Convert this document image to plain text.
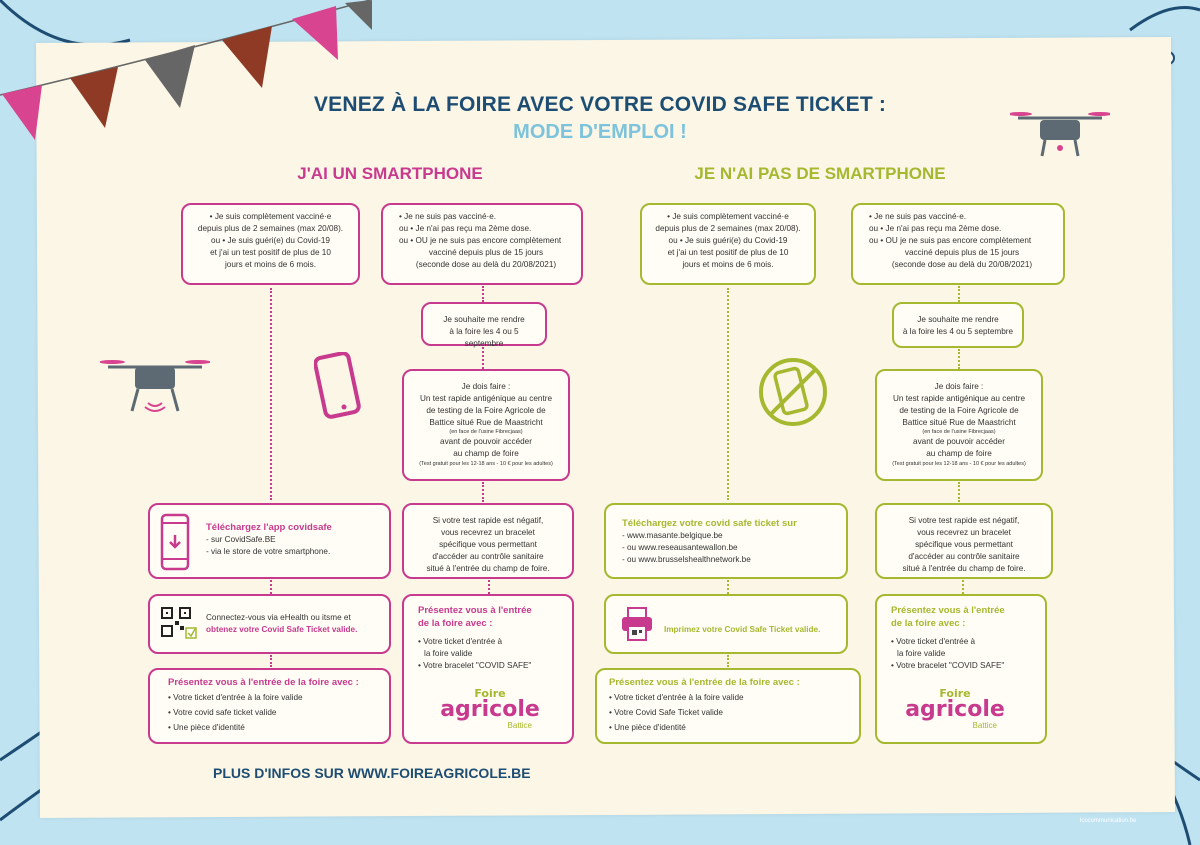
VENEZ À LA FOIRE AVEC VOTRE COVID SAFE TICKET :
MODE D'EMPLOI !
J'AI UN SMARTPHONE	JE N'AI PAS DE SMARTPHONE
• Je suis complètement vacciné·e
depuis plus de 2 semaines (max 20/08).
ou • Je suis guéri(e) du Covid-19
et j'ai un test positif de plus de 10
jours et moins de 6 mois.
• Je ne suis pas vacciné·e.
ou • Je n'ai pas reçu ma 2ème dose.
ou • OU je ne suis pas encore complètement
vacciné depuis plus de 15 jours
(seconde dose au delà du 20/08/2021)
Je souhaite me rendre
à la foire les 4 ou 5 septembre
Je dois faire :
Un test rapide antigénique au centre
de testing de la Foire Agricole de
Battice situé Rue de Maastricht
(en face de l'usine Fibrecjaas)
avant de pouvoir accéder
au champ de foire
(Test gratuit pour les 12-18 ans - 10 € pour les adultes)
Téléchargez l'app covidsafe
- sur CovidSafe.BE
- via le store de votre smartphone.
Si votre test rapide est négatif,
vous recevrez un bracelet
spécifique vous permettant
d'accéder au contrôle sanitaire
situé à l'entrée du champ de foire.
Connectez-vous via eHealth ou itsme et
obtenez votre Covid Safe Ticket valide.
Présentez vous à l'entrée
de la foire avec :
• Votre ticket d'entrée à
la foire valide
• Votre bracelet "COVID SAFE"
Foire
agricole
Battice
Présentez vous à l'entrée de la foire avec :
• Votre ticket d'entrée à la foire valide
• Votre covid safe ticket valide
• Une pièce d'identité
• Je suis complètement vacciné·e
depuis plus de 2 semaines (max 20/08).
ou • Je suis guéri(e) du Covid-19
et j'ai un test positif de plus de 10
jours et moins de 6 mois.
• Je ne suis pas vacciné·e.
ou • Je n'ai pas reçu ma 2ème dose.
ou • OU je ne suis pas encore complètement
vacciné depuis plus de 15 jours
(seconde dose au delà du 20/08/2021)
Je souhaite me rendre
à la foire les 4 ou 5 septembre
Je dois faire :
Un test rapide antigénique au centre
de testing de la Foire Agricole de
Battice situé Rue de Maastricht
(en face de l'usine Fibrecjaas)
avant de pouvoir accéder
au champ de foire
(Test gratuit pour les 12-18 ans - 10 € pour les adultes)
Téléchargez votre covid safe ticket sur
- www.masante.belgique.be
- ou www.reseausantewallon.be
- ou www.brusselshealthnetwork.be
Si votre test rapide est négatif,
vous recevrez un bracelet
spécifique vous permettant
d'accéder au contrôle sanitaire
situé à l'entrée du champ de foire.
Imprimez votre Covid Safe Ticket valide.
Présentez vous à l'entrée
de la foire avec :
• Votre ticket d'entrée à
la foire valide
• Votre bracelet "COVID SAFE"
Foire
agricole
Battice
Présentez vous à l'entrée de la foire avec :
• Votre ticket d'entrée à la foire valide
• Votre Covid Safe Ticket valide
• Une pièce d'identité
PLUS D'INFOS SUR WWW.FOIREAGRICOLE.BE
lcocommunication.be
